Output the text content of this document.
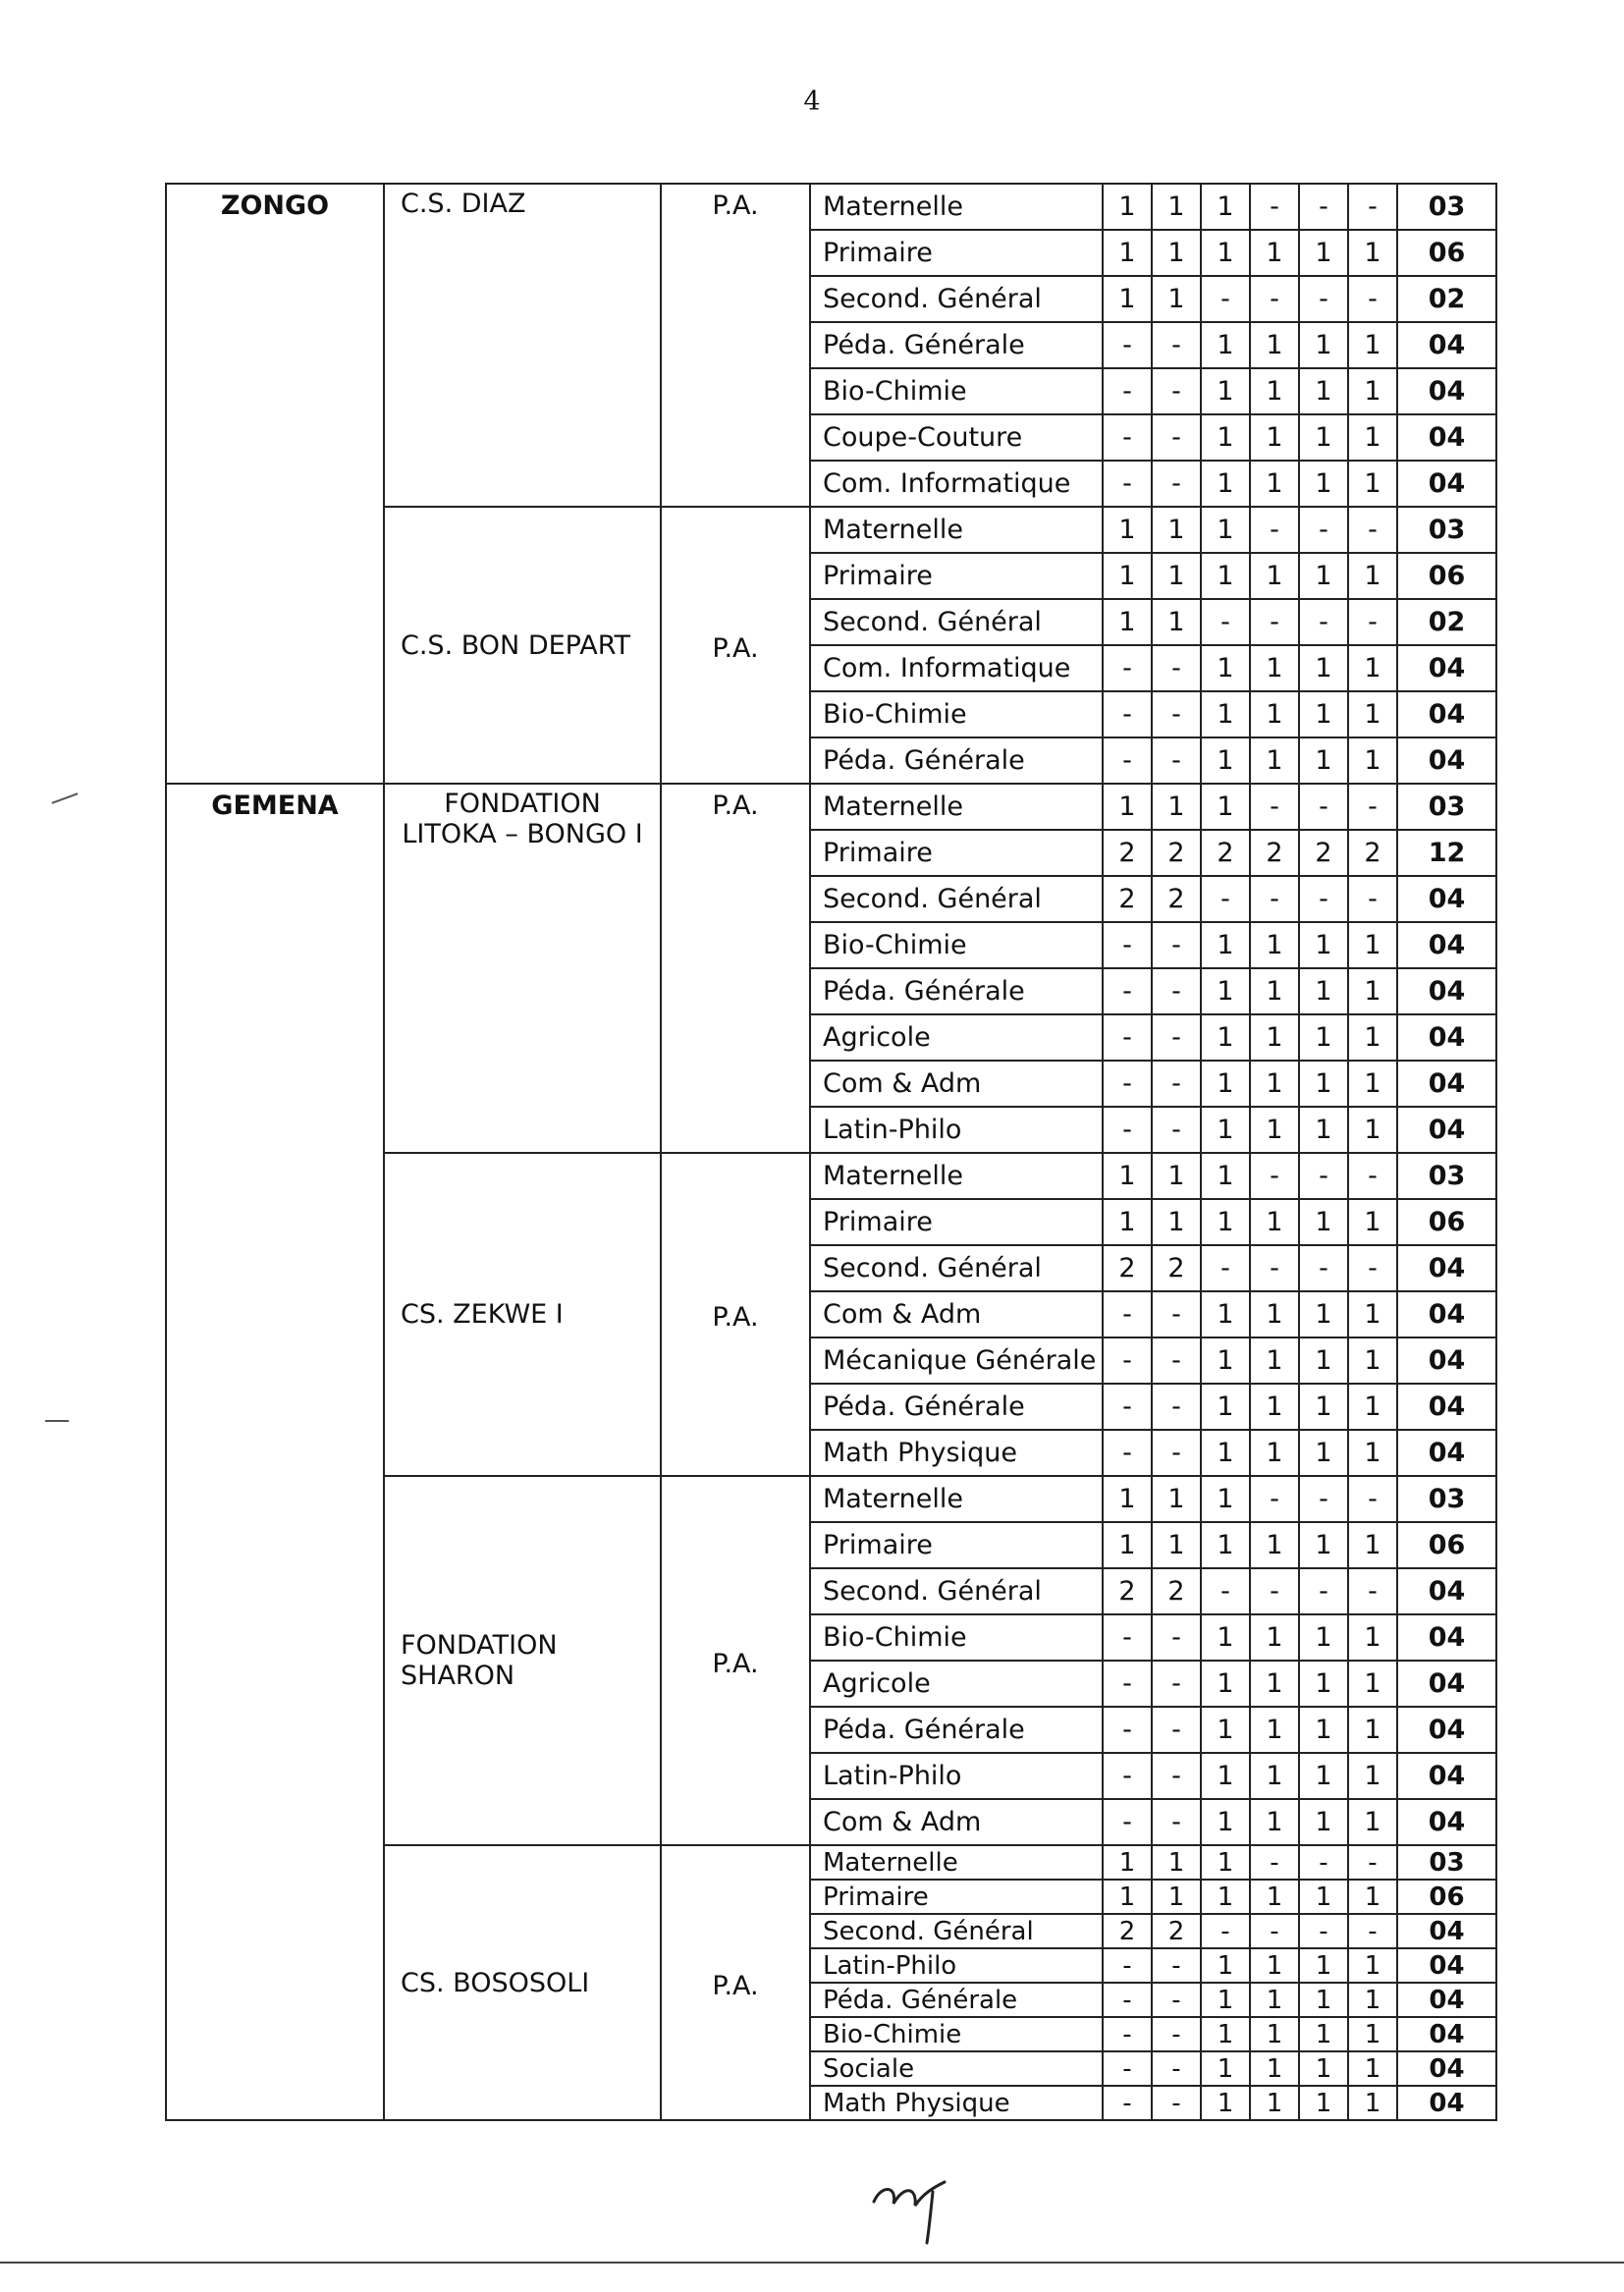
4
ZONGO	C.S. DIAZ	P.A.	Maternelle	1	1	1	-	-	-	03
			Primaire	1	1	1	1	1	1	06
			Second. Général	1	1	-	-	-	-	02
			Péda. Générale	-	-	1	1	1	1	04
			Bio-Chimie	-	-	1	1	1	1	04
			Coupe-Couture	-	-	1	1	1	1	04
			Com. Informatique	-	-	1	1	1	1	04
	C.S. BON DEPART	P.A.	Maternelle	1	1	1	-	-	-	03
			Primaire	1	1	1	1	1	1	06
			Second. Général	1	1	-	-	-	-	02
			Com. Informatique	-	-	1	1	1	1	04
			Bio-Chimie	-	-	1	1	1	1	04
			Péda. Générale	-	-	1	1	1	1	04
GEMENA	FONDATION LITOKA – BONGO I	P.A.	Maternelle	1	1	1	-	-	-	03
			Primaire	2	2	2	2	2	2	12
			Second. Général	2	2	-	-	-	-	04
			Bio-Chimie	-	-	1	1	1	1	04
			Péda. Générale	-	-	1	1	1	1	04
			Agricole	-	-	1	1	1	1	04
			Com & Adm	-	-	1	1	1	1	04
			Latin-Philo	-	-	1	1	1	1	04
	CS. ZEKWE I	P.A.	Maternelle	1	1	1	-	-	-	03
			Primaire	1	1	1	1	1	1	06
			Second. Général	2	2	-	-	-	-	04
			Com & Adm	-	-	1	1	1	1	04
			Mécanique Générale	-	-	1	1	1	1	04
			Péda. Générale	-	-	1	1	1	1	04
			Math Physique	-	-	1	1	1	1	04
	FONDATION SHARON	P.A.	Maternelle	1	1	1	-	-	-	03
			Primaire	1	1	1	1	1	1	06
			Second. Général	2	2	-	-	-	-	04
			Bio-Chimie	-	-	1	1	1	1	04
			Agricole	-	-	1	1	1	1	04
			Péda. Générale	-	-	1	1	1	1	04
			Latin-Philo	-	-	1	1	1	1	04
			Com & Adm	-	-	1	1	1	1	04
	CS. BOSOSOLI	P.A.	Maternelle	1	1	1	-	-	-	03
			Primaire	1	1	1	1	1	1	06
			Second. Général	2	2	-	-	-	-	04
			Latin-Philo	-	-	1	1	1	1	04
			Péda. Générale	-	-	1	1	1	1	04
			Bio-Chimie	-	-	1	1	1	1	04
			Sociale	-	-	1	1	1	1	04
			Math Physique	-	-	1	1	1	1	04
